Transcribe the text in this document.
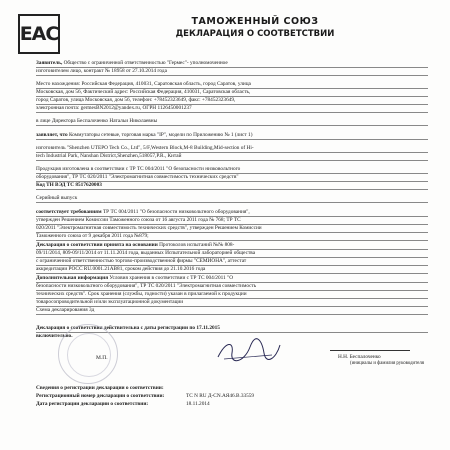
EAC
ТАМОЖЕННЫЙ СОЮЗ
ДЕКЛАРАЦИЯ О СООТВЕТСТВИИ

Заявитель, Общество с ограниченной ответственностью "Гермес"- уполномоченное

изготовителем лицо, контракт № 18958 от 27.10.2014 года

Место нахождения: Российская Федерация, 410031, Саратовская область, город Саратов, улица

Московская, дом 56, Фактический адрес: Российская Федерация, 410031, Саратовская область,

город Саратов, улица Московская, дом 56, телефон: +78452323649, факс: +78452323649,

электронная почта: germesBN2012@yandex.ru, ОГРН 1126450001237

в лице Директора Беспалоченко Натальи Николаевны

заявляет, что Коммутаторы сетевые, торговая марка "IP", модели по Приложению № 1 (лист 1)

изготовитель "Shenzhen UTEPO Tech Co., Ltd", 5/F,Western Block,M-8 Building,Mid-section of Hi-

tech Industrial Park, Nanshan District,Shenzhen,518057,P.R., Китай

Продукция изготовлена в соответствии с ТР ТС 004/2011 "О безопасности низковольтного

оборудования", ТР ТС 020/2011 "Электромагнитная совместимость технических средств"

Код ТН ВЭД ТС 8517620003

Серийный выпуск

соответствует требованиям ТР ТС 004/2011 "О безопасности низковольтного оборудования",

утвержден Решением Комиссии Таможенного союза от 16 августа 2011 года № 768; ТР ТС

020/2011 "Электромагнитная совместимость технических средств", утвержден Решением Комиссии

Таможенного союза от 9 декабря 2011 года №879;

Декларация о соответствии принята на основании Протоколов испытаний №№ 808-

09/11/2014, 809-09/11/2014 от 11.11.2014 года, выданных Испытательной лабораторией общества

с ограниченной ответственностью торгово-производственной фирмы "СЕМИОНА", аттестат

аккредитации РОСС RU.0001.21АВ81, сроком действия до 21.10.2016 года

Дополнительная информация Условия хранения в соответствии с ТР ТС 004/2011 "О

безопасности низковольтного оборудования", ТР ТС 020/2011 "Электромагнитная совместимость

технических средств". Срок хранения (службы, годности) указан в прилагаемой к продукции

товаросопроводительной и/или эксплуатационной документации

Схема декларирования 3д

Декларация о соответствии действительна с даты регистрации по 17.11.2015

включительно.

М.П.	Н.Н. Беспалоченко
(инициалы и фамилия руководителя
Сведения о регистрации декларации о соответствии:
Регистрационный номер декларации о соответствии:	ТС N RU Д-CN.АЯ46.В.33559
Дата регистрации декларации о соответствии:	18.11.2014
